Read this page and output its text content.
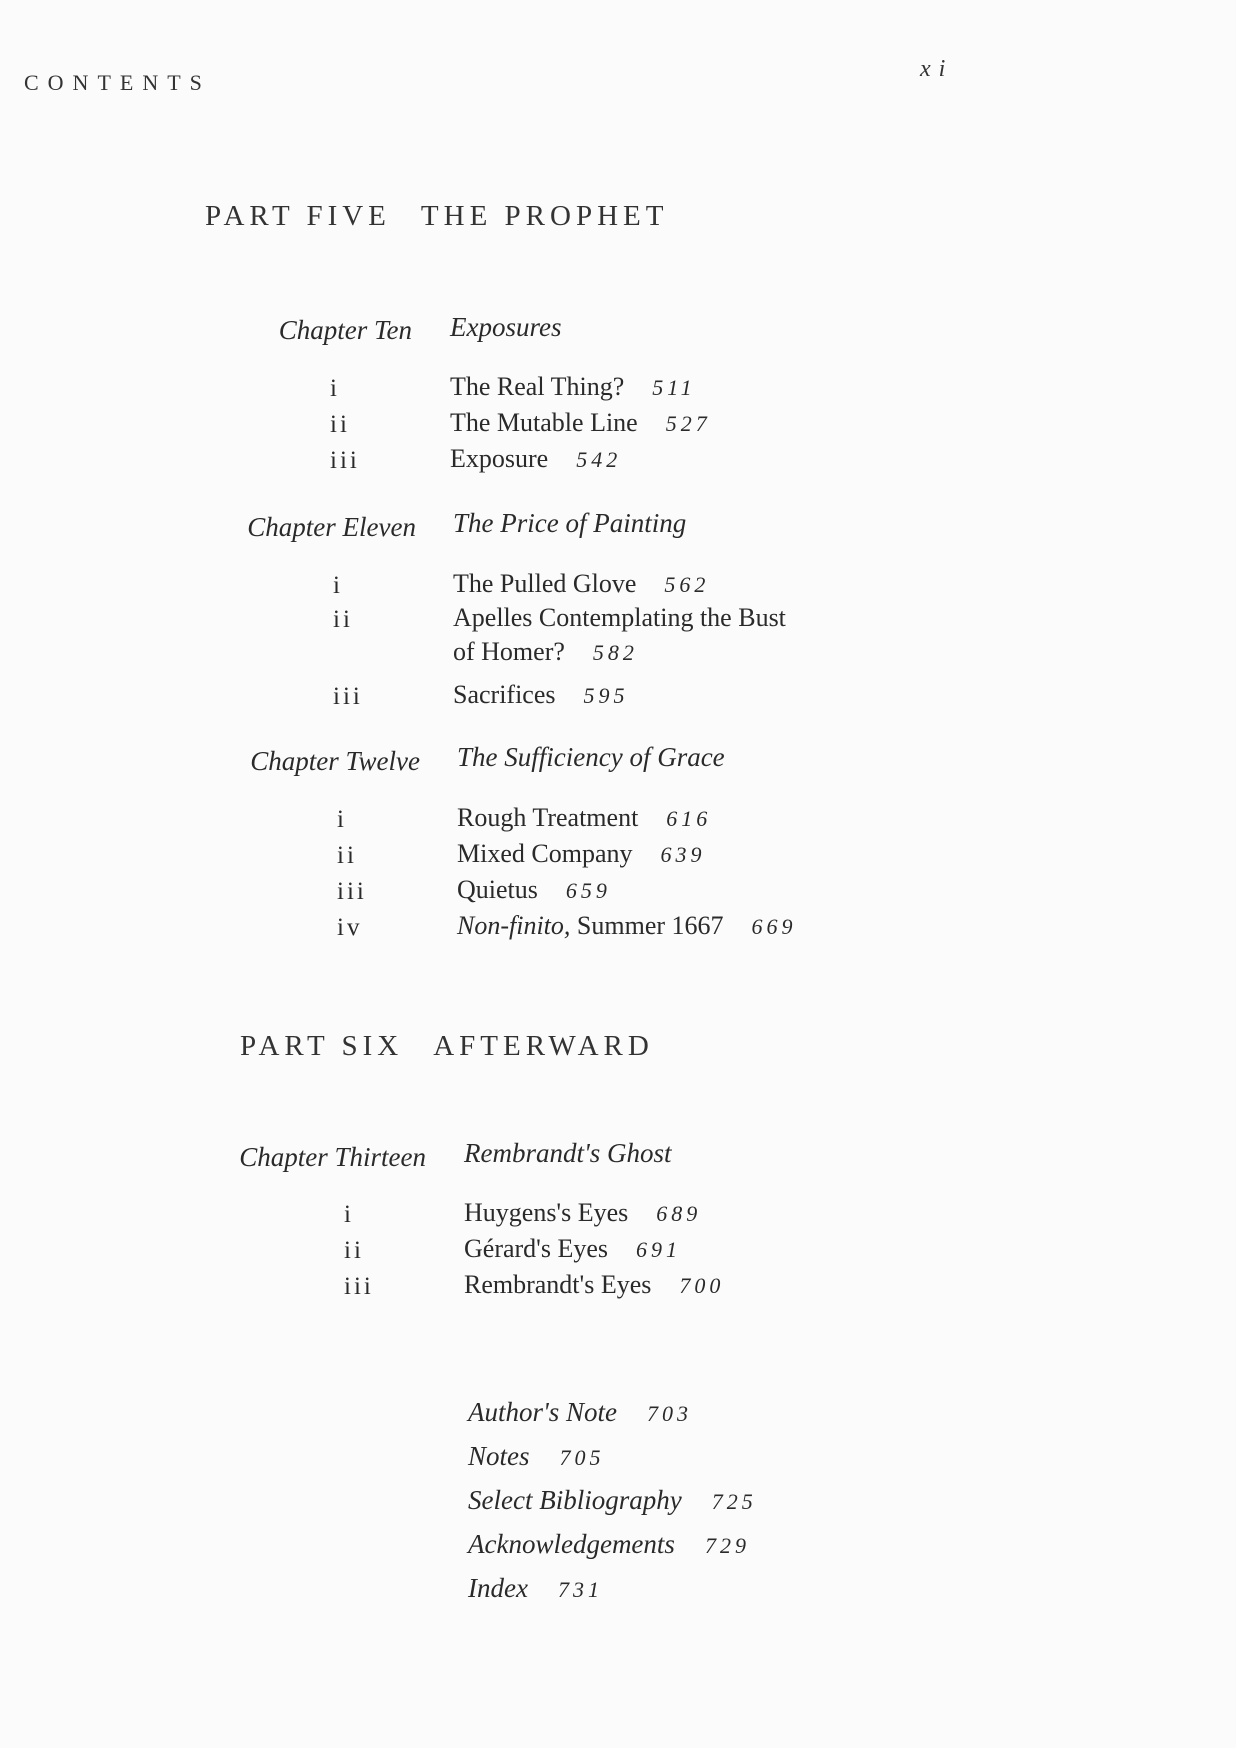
CONTENTS
xi
PART FIVE THE PROPHET
Chapter Ten Exposures
i	The Real Thing? 511
ii	The Mutable Line 527
iii	Exposure 542
Chapter Eleven The Price of Painting
i	The Pulled Glove 562
ii	Apelles Contemplating the Bust
of Homer? 582
iii	Sacrifices 595
Chapter Twelve The Sufficiency of Grace
i	Rough Treatment 616
ii	Mixed Company 639
iii	Quietus 659
iv	Non-finito, Summer 1667 669
PART SIX AFTERWARD
Chapter Thirteen Rembrandt's Ghost
i	Huygens's Eyes 689
ii	Gérard's Eyes 691
iii	Rembrandt's Eyes 700
Author's Note 703
Notes 705
Select Bibliography 725
Acknowledgements 729
Index 731
